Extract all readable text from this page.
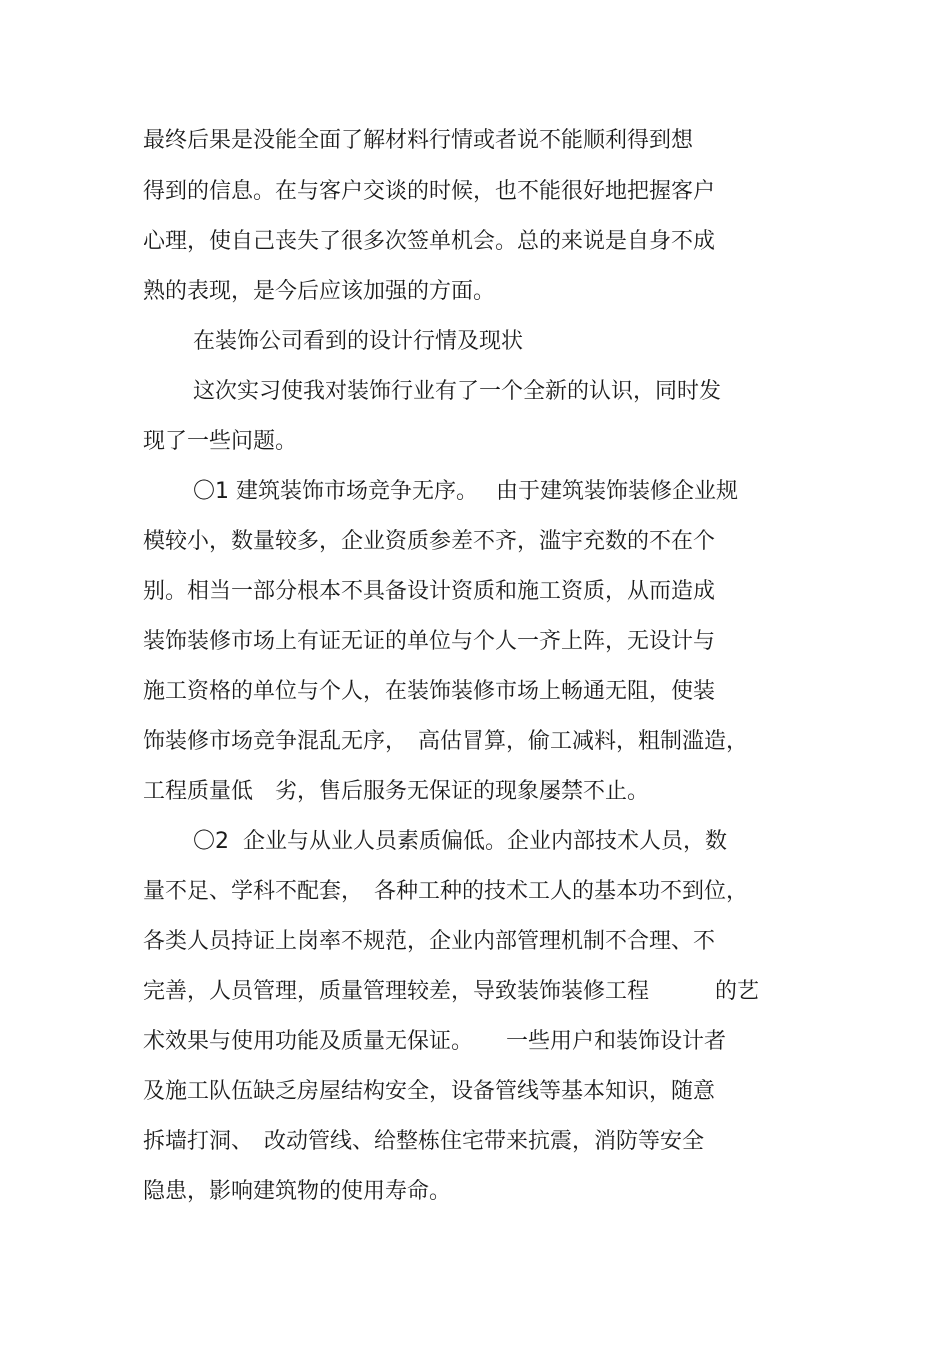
最终后果是没能全面了解材料行情或者说不能顺利得到想

得到的信息。在与客户交谈的时候，也不能很好地把握客户

心理，使自己丧失了很多次签单机会。总的来说是自身不成

熟的表现，是今后应该加强的方面。

在装饰公司看到的设计行情及现状

这次实习使我对装饰行业有了一个全新的认识，同时发

现了一些问题。

〇1 建筑装饰市场竞争无序。　 由于建筑装饰装修企业规

模较小，数量较多，企业资质参差不齐，滥宇充数的不在个

别。相当一部分根本不具备设计资质和施工资质，从而造成

装饰装修市场上有证无证的单位与个人一齐上阵，无设计与

施工资格的单位与个人，在装饰装修市场上畅通无阻，使装

饰装修市场竞争混乱无序，　高估冒算，偷工减料，粗制滥造，

工程质量低　劣，售后服务无保证的现象屡禁不止。

〇2  企业与从业人员素质偏低。企业内部技术人员，数

量不足、学科不配套，　各种工种的技术工人的基本功不到位，

各类人员持证上岗率不规范，企业内部管理机制不合理、不

完善，人员管理，质量管理较差，导致装饰装修工程　　　的艺

术效果与使用功能及质量无保证。　　一些用户和装饰设计者

及施工队伍缺乏房屋结构安全，设备管线等基本知识，随意

拆墙打洞、　改动管线、给整栋住宅带来抗震，消防等安全

隐患，影响建筑物的使用寿命。
